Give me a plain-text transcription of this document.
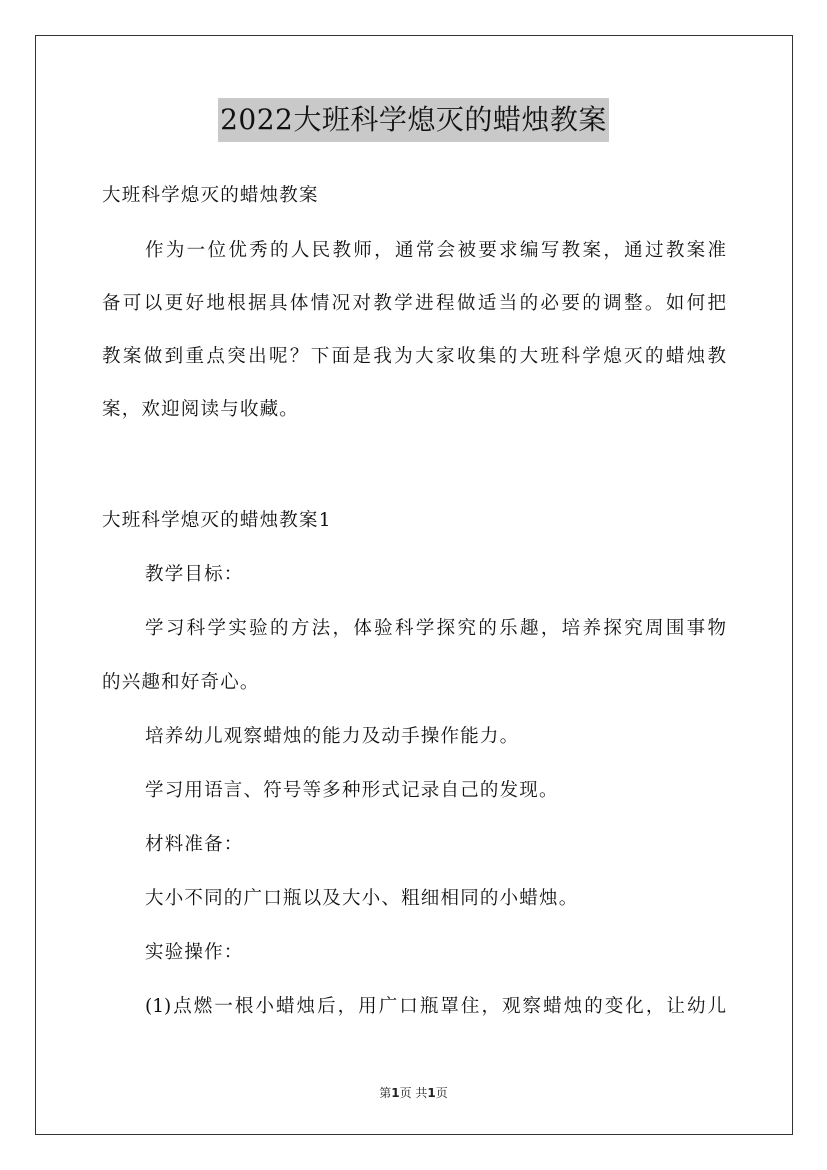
2022大班科学熄灭的蜡烛教案
大班科学熄灭的蜡烛教案
作为一位优秀的人民教师，通常会被要求编写教案，通过教案准
备可以更好地根据具体情况对教学进程做适当的必要的调整。如何把
教案做到重点突出呢？下面是我为大家收集的大班科学熄灭的蜡烛教
案，欢迎阅读与收藏。
大班科学熄灭的蜡烛教案1
教学目标：
学习科学实验的方法，体验科学探究的乐趣，培养探究周围事物
的兴趣和好奇心。
培养幼儿观察蜡烛的能力及动手操作能力。
学习用语言、符号等多种形式记录自己的发现。
材料准备：
大小不同的广口瓶以及大小、粗细相同的小蜡烛。
实验操作：
(1)点燃一根小蜡烛后，用广口瓶罩住，观察蜡烛的变化，让幼儿
第1页 共1页
